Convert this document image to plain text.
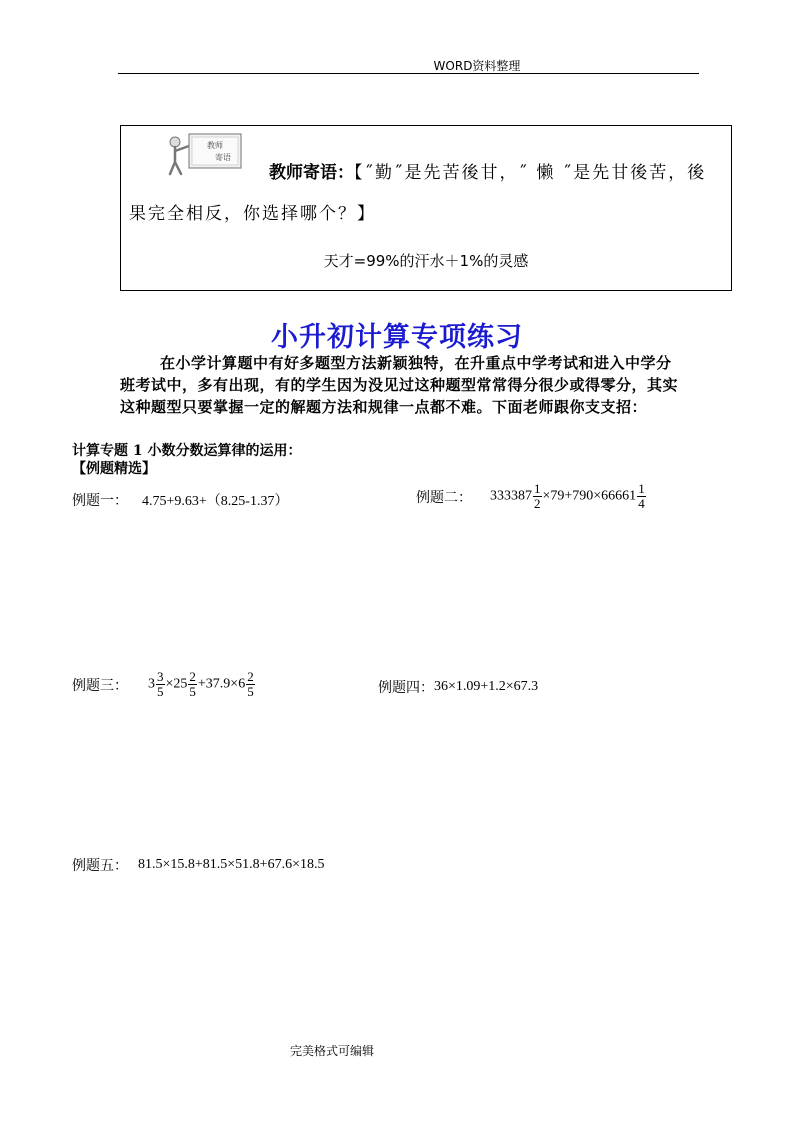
WORD资料整理
教师
寄语
教师寄语：【˝勤˝是先苦後甘，˝ 懒 ˝是先甘後苦，後
果完全相反，你选择哪个？】
天才=99%的汗水＋1%的灵感
小升初计算专项练习

在小学计算题中有好多题型方法新颖独特，在升重点中学考试和进入中学分

班考试中，多有出现，有的学生因为没见过这种题型常常得分很少或得零分，其实

这种题型只要掌握一定的解题方法和规律一点都不难。下面老师跟你支支招：

计算专题 1 小数分数运算律的运用：
【例题精选】
例题一： 4.75+9.63+（8.25-1.37）	例题二： $333387 \frac{1}{2} \times 79+790\times 66661 \frac{1}{4}$
例题三： $3 \frac{3}{5} \times 25 \frac{2}{5} +37.9\times 6 \frac{2}{5}$	例题四： 36×1.09+1.2×67.3
例题五： 81.5×15.8+81.5×51.8+67.6×18.5
完美格式可编辑
